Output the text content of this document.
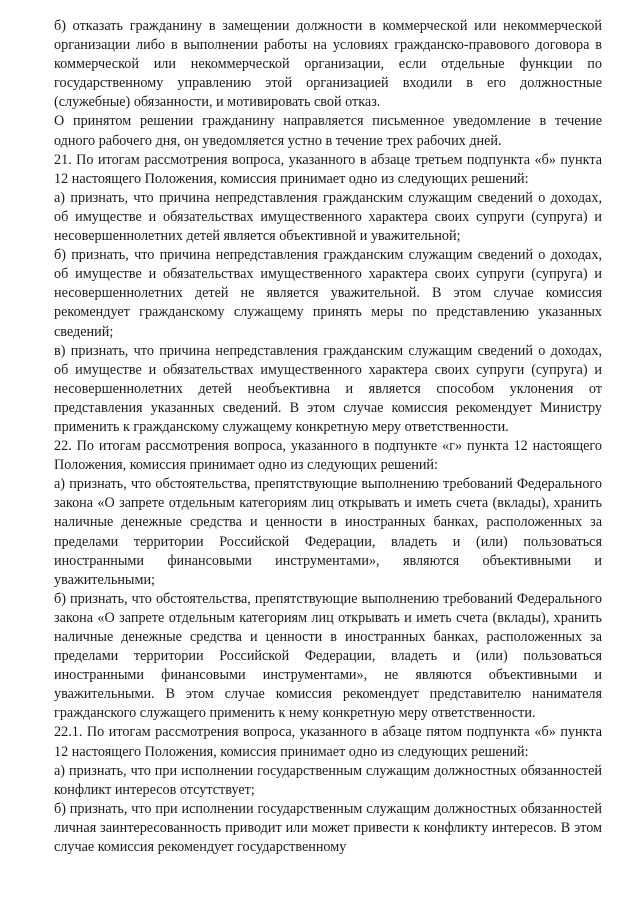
б) отказать гражданину в замещении должности в коммерческой или некоммерческой организации либо в выполнении работы на условиях гражданско-правового договора в коммерческой или некоммерческой организации, если отдельные функции по государственному управлению этой организацией входили в его должностные (служебные) обязанности, и мотивировать свой отказ.

О принятом решении гражданину направляется письменное уведомление в течение одного рабочего дня, он уведомляется устно в течение трех рабочих дней.

21. По итогам рассмотрения вопроса, указанного в абзаце третьем подпункта «б» пункта 12 настоящего Положения, комиссия принимает одно из следующих решений:

а) признать, что причина непредставления гражданским служащим сведений о доходах, об имуществе и обязательствах имущественного характера своих супруги (супруга) и несовершеннолетних детей является объективной и уважительной;

б) признать, что причина непредставления гражданским служащим сведений о доходах, об имуществе и обязательствах имущественного характера своих супруги (супруга) и несовершеннолетних детей не является уважительной. В этом случае комиссия рекомендует гражданскому служащему принять меры по представлению указанных сведений;

в) признать, что причина непредставления гражданским служащим сведений о доходах, об имуществе и обязательствах имущественного характера своих супруги (супруга) и несовершеннолетних детей необъективна и является способом уклонения от представления указанных сведений. В этом случае комиссия рекомендует Министру применить к гражданскому служащему конкретную меру ответственности.

22. По итогам рассмотрения вопроса, указанного в подпункте «г» пункта 12 настоящего Положения, комиссия принимает одно из следующих решений:

а) признать, что обстоятельства, препятствующие выполнению требований Федерального закона «О запрете отдельным категориям лиц открывать и иметь счета (вклады), хранить наличные денежные средства и ценности в иностранных банках, расположенных за пределами территории Российской Федерации, владеть и (или) пользоваться иностранными финансовыми инструментами», являются объективными и уважительными;

б) признать, что обстоятельства, препятствующие выполнению требований Федерального закона «О запрете отдельным категориям лиц открывать и иметь счета (вклады), хранить наличные денежные средства и ценности в иностранных банках, расположенных за пределами территории Российской Федерации, владеть и (или) пользоваться иностранными финансовыми инструментами», не являются объективными и уважительными. В этом случае комиссия рекомендует представителю нанимателя гражданского служащего применить к нему конкретную меру ответственности.

22.1. По итогам рассмотрения вопроса, указанного в абзаце пятом подпункта «б» пункта 12 настоящего Положения, комиссия принимает одно из следующих решений:

а) признать, что при исполнении государственным служащим должностных обязанностей конфликт интересов отсутствует;

б) признать, что при исполнении государственным служащим должностных обязанностей личная заинтересованность приводит или может привести к конфликту интересов. В этом случае комиссия рекомендует государственному
